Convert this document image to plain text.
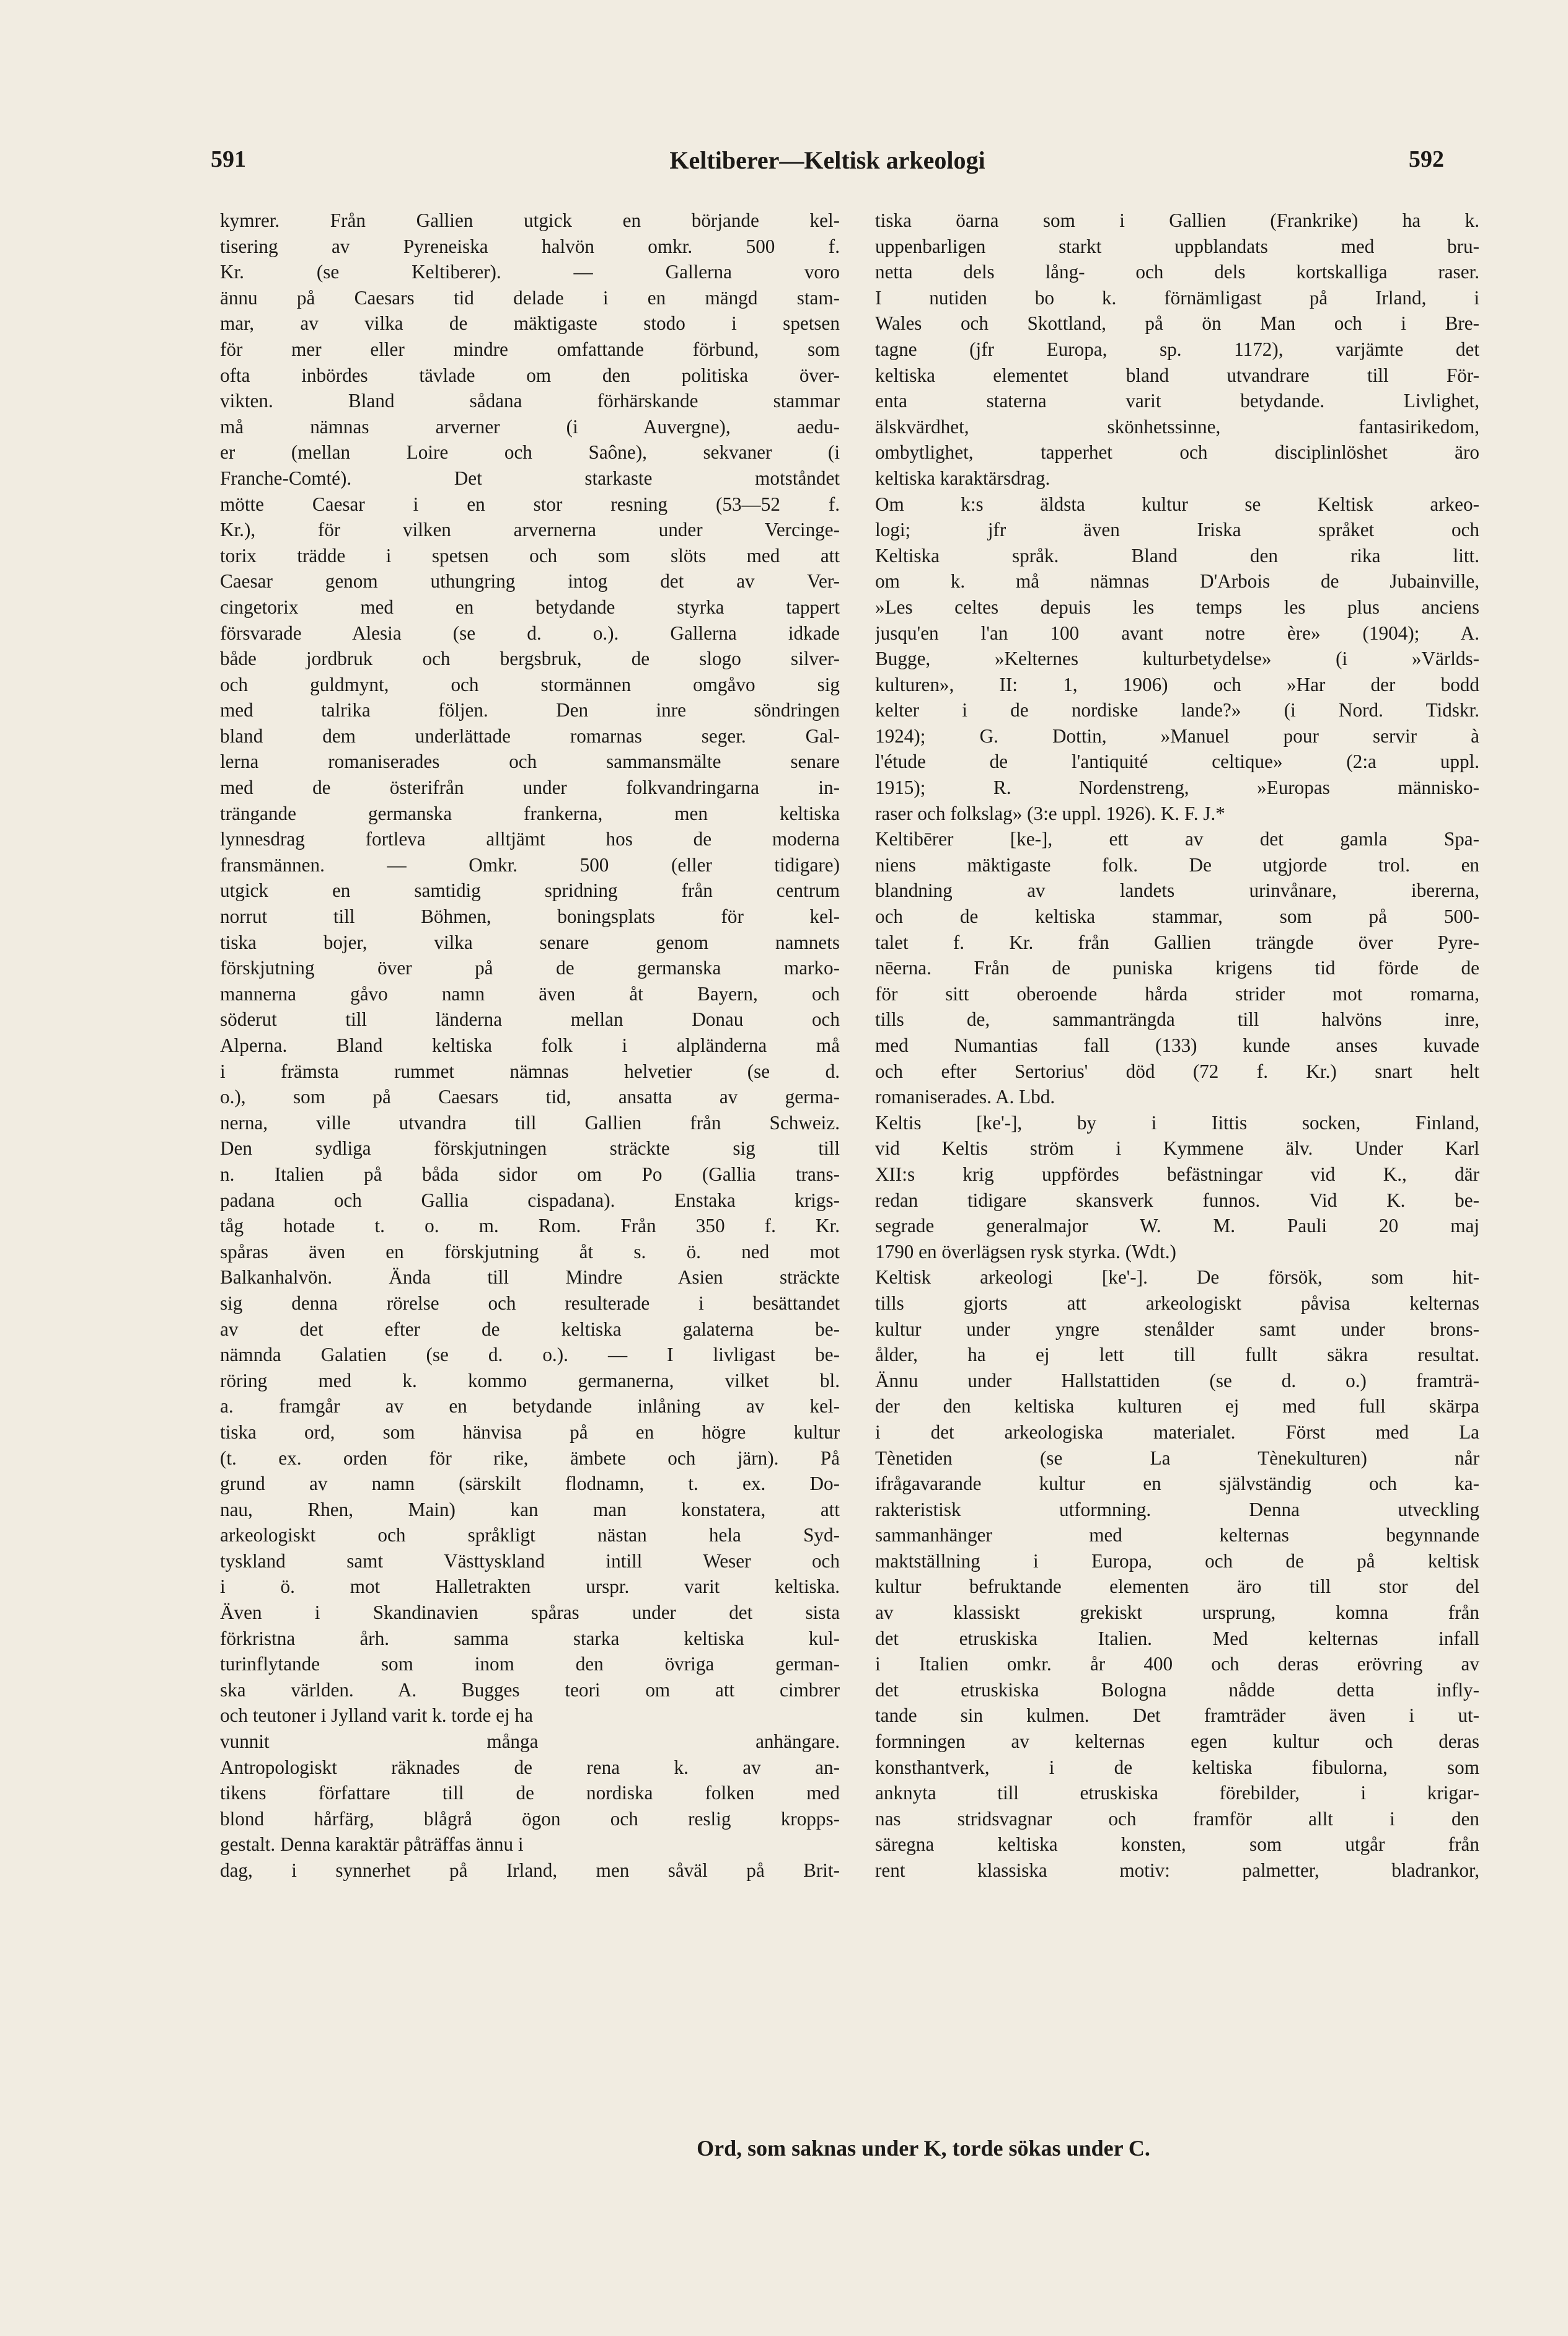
591	Keltiberer—Keltisk arkeologi	592
kymrer. Från Gallien utgick en börjande kel-
tisering av Pyreneiska halvön omkr. 500 f.
Kr. (se Keltiberer). — Gallerna voro
ännu på Caesars tid delade i en mängd stam-
mar, av vilka de mäktigaste stodo i spetsen
för mer eller mindre omfattande förbund, som
ofta inbördes tävlade om den politiska över-
vikten. Bland sådana förhärskande stammar
må nämnas arverner (i Auvergne), aedu-
er (mellan Loire och Saône), sekvaner (i
Franche-Comté). Det starkaste motståndet
mötte Caesar i en stor resning (53—52 f.
Kr.), för vilken arvernerna under Vercinge-
torix trädde i spetsen och som slöts med att
Caesar genom uthungring intog det av Ver-
cingetorix med en betydande styrka tappert
försvarade Alesia (se d. o.). Gallerna idkade
både jordbruk och bergsbruk, de slogo silver-
och guldmynt, och stormännen omgåvo sig
med talrika följen. Den inre söndringen
bland dem underlättade romarnas seger. Gal-
lerna romaniserades och sammansmälte senare
med de österifrån under folkvandringarna in-
trängande germanska frankerna, men keltiska
lynnesdrag fortleva alltjämt hos de moderna
fransmännen. — Omkr. 500 (eller tidigare)
utgick en samtidig spridning från centrum
norrut till Böhmen, boningsplats för kel-
tiska bojer, vilka senare genom namnets
förskjutning över på de germanska marko-
mannerna gåvo namn även åt Bayern, och
söderut till länderna mellan Donau och
Alperna. Bland keltiska folk i alpländerna må
i främsta rummet nämnas helvetier (se d.
o.), som på Caesars tid, ansatta av germa-
nerna, ville utvandra till Gallien från Schweiz.
Den sydliga förskjutningen sträckte sig till
n. Italien på båda sidor om Po (Gallia trans-
padana och Gallia cispadana). Enstaka krigs-
tåg hotade t. o. m. Rom. Från 350 f. Kr.
spåras även en förskjutning åt s. ö. ned mot
Balkanhalvön. Ända till Mindre Asien sträckte
sig denna rörelse och resulterade i besättandet
av det efter de keltiska galaterna be-
nämnda Galatien (se d. o.). — I livligast be-
röring med k. kommo germanerna, vilket bl.
a. framgår av en betydande inlåning av kel-
tiska ord, som hänvisa på en högre kultur
(t. ex. orden för rike, ämbete och järn). På
grund av namn (särskilt flodnamn, t. ex. Do-
nau, Rhen, Main) kan man konstatera, att
arkeologiskt och språkligt nästan hela Syd-
tyskland samt Västtyskland intill Weser och
i ö. mot Halletrakten urspr. varit keltiska.
Även i Skandinavien spåras under det sista
förkristna årh. samma starka keltiska kul-
turinflytande som inom den övriga german-
ska världen. A. Bugges teori om att cimbrer
och teutoner i Jylland varit k. torde ej ha
vunnit många anhängare.
Antropologiskt räknades de rena k. av an-
tikens författare till de nordiska folken med
blond hårfärg, blågrå ögon och reslig kropps-
gestalt. Denna karaktär påträffas ännu i
dag, i synnerhet på Irland, men såväl på Brit-
tiska öarna som i Gallien (Frankrike) ha k.
uppenbarligen starkt uppblandats med bru-
netta dels lång- och dels kortskalliga raser.
I nutiden bo k. förnämligast på Irland, i
Wales och Skottland, på ön Man och i Bre-
tagne (jfr Europa, sp. 1172), varjämte det
keltiska elementet bland utvandrare till För-
enta staterna varit betydande. Livlighet,
älskvärdhet, skönhetssinne, fantasirikedom,
ombytlighet, tapperhet och disciplinlöshet äro
keltiska karaktärsdrag.
Om k:s äldsta kultur se Keltisk arkeo-
logi; jfr även Iriska språket och
Keltiska språk. Bland den rika litt.
om k. må nämnas D'Arbois de Jubainville,
»Les celtes depuis les temps les plus anciens
jusqu'en l'an 100 avant notre ère» (1904); A.
Bugge, »Kelternes kulturbetydelse» (i »Världs-
kulturen», II: 1, 1906) och »Har der bodd
kelter i de nordiske lande?» (i Nord. Tidskr.
1924); G. Dottin, »Manuel pour servir à
l'étude de l'antiquité celtique» (2:a uppl.
1915); R. Nordenstreng, »Europas människo-
raser och folkslag» (3:e uppl. 1926). K. F. J.*
Keltibērer [ke-], ett av det gamla Spa-
niens mäktigaste folk. De utgjorde trol. en
blandning av landets urinvånare, ibererna,
och de keltiska stammar, som på 500-
talet f. Kr. från Gallien trängde över Pyre-
nēerna. Från de puniska krigens tid förde de
för sitt oberoende hårda strider mot romarna,
tills de, sammanträngda till halvöns inre,
med Numantias fall (133) kunde anses kuvade
och efter Sertorius' död (72 f. Kr.) snart helt
romaniserades. A. Lbd.
Keltis [ke'-], by i Iittis socken, Finland,
vid Keltis ström i Kymmene älv. Under Karl
XII:s krig uppfördes befästningar vid K., där
redan tidigare skansverk funnos. Vid K. be-
segrade generalmajor W. M. Pauli 20 maj
1790 en överlägsen rysk styrka. (Wdt.)
Keltisk arkeologi [ke'-]. De försök, som hit-
tills gjorts att arkeologiskt påvisa kelternas
kultur under yngre stenålder samt under brons-
ålder, ha ej lett till fullt säkra resultat.
Ännu under Hallstattiden (se d. o.) framträ-
der den keltiska kulturen ej med full skärpa
i det arkeologiska materialet. Först med La
Tènetiden (se La Tènekulturen) når
ifrågavarande kultur en självständig och ka-
rakteristisk utformning. Denna utveckling
sammanhänger med kelternas begynnande
maktställning i Europa, och de på keltisk
kultur befruktande elementen äro till stor del
av klassiskt grekiskt ursprung, komna från
det etruskiska Italien. Med kelternas infall
i Italien omkr. år 400 och deras erövring av
det etruskiska Bologna nådde detta infly-
tande sin kulmen. Det framträder även i ut-
formningen av kelternas egen kultur och deras
konsthantverk, i de keltiska fibulorna, som
anknyta till etruskiska förebilder, i krigar-
nas stridsvagnar och framför allt i den
säregna keltiska konsten, som utgår från
rent klassiska motiv: palmetter, bladrankor,
Ord, som saknas under K, torde sökas under C.
